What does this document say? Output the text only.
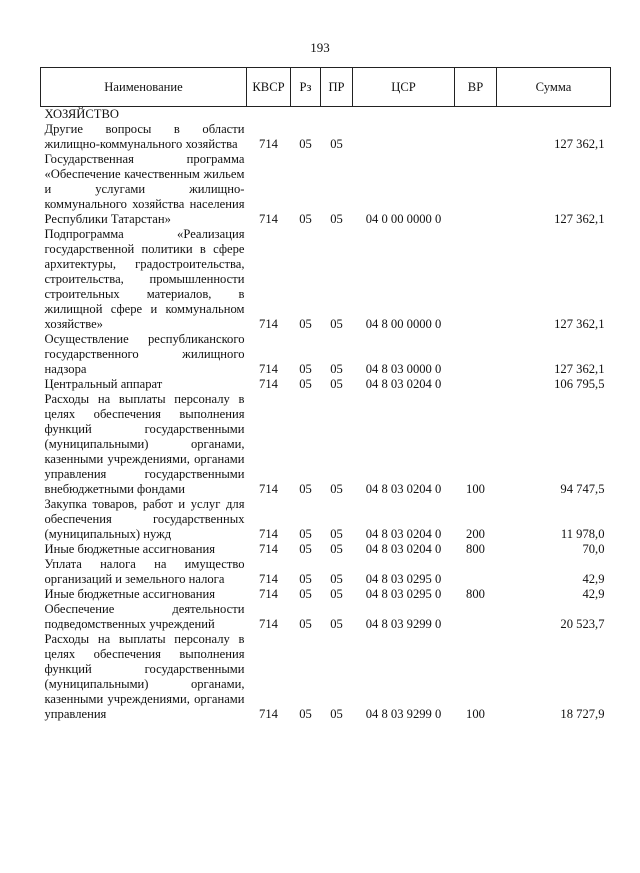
193
Наименование	КВСР	Рз	ПР	ЦСР	ВР	Сумма
ХОЗЯЙСТВО						
Другие вопросы в области жилищно-коммунального хозяйства	714	05	05			127 362,1
Государственная программа «Обеспечение качественным жильем и услугами жилищно-коммунального хозяйства населения Республики Татарстан»	714	05	05	04 0 00 0000 0		127 362,1
Подпрограмма «Реализация государственной политики в сфере архитектуры, градостроительства, строительства, промышленности строительных материалов, в жилищной сфере и коммунальном хозяйстве»	714	05	05	04 8 00 0000 0		127 362,1
Осуществление республиканского государственного жилищного надзора	714	05	05	04 8 03 0000 0		127 362,1
Центральный аппарат	714	05	05	04 8 03 0204 0		106 795,5
Расходы на выплаты персоналу в целях обеспечения выполнения функций государственными (муниципальными) органами, казенными учреждениями, органами управления государственными внебюджетными фондами	714	05	05	04 8 03 0204 0	100	94 747,5
Закупка товаров, работ и услуг для обеспечения государственных (муниципальных) нужд	714	05	05	04 8 03 0204 0	200	11 978,0
Иные бюджетные ассигнования	714	05	05	04 8 03 0204 0	800	70,0
Уплата налога на имущество организаций и земельного налога	714	05	05	04 8 03 0295 0		42,9
Иные бюджетные ассигнования	714	05	05	04 8 03 0295 0	800	42,9
Обеспечение деятельности подведомственных учреждений	714	05	05	04 8 03 9299 0		20 523,7
Расходы на выплаты персоналу в целях обеспечения выполнения функций государственными (муниципальными) органами, казенными учреждениями, органами управления	714	05	05	04 8 03 9299 0	100	18 727,9
